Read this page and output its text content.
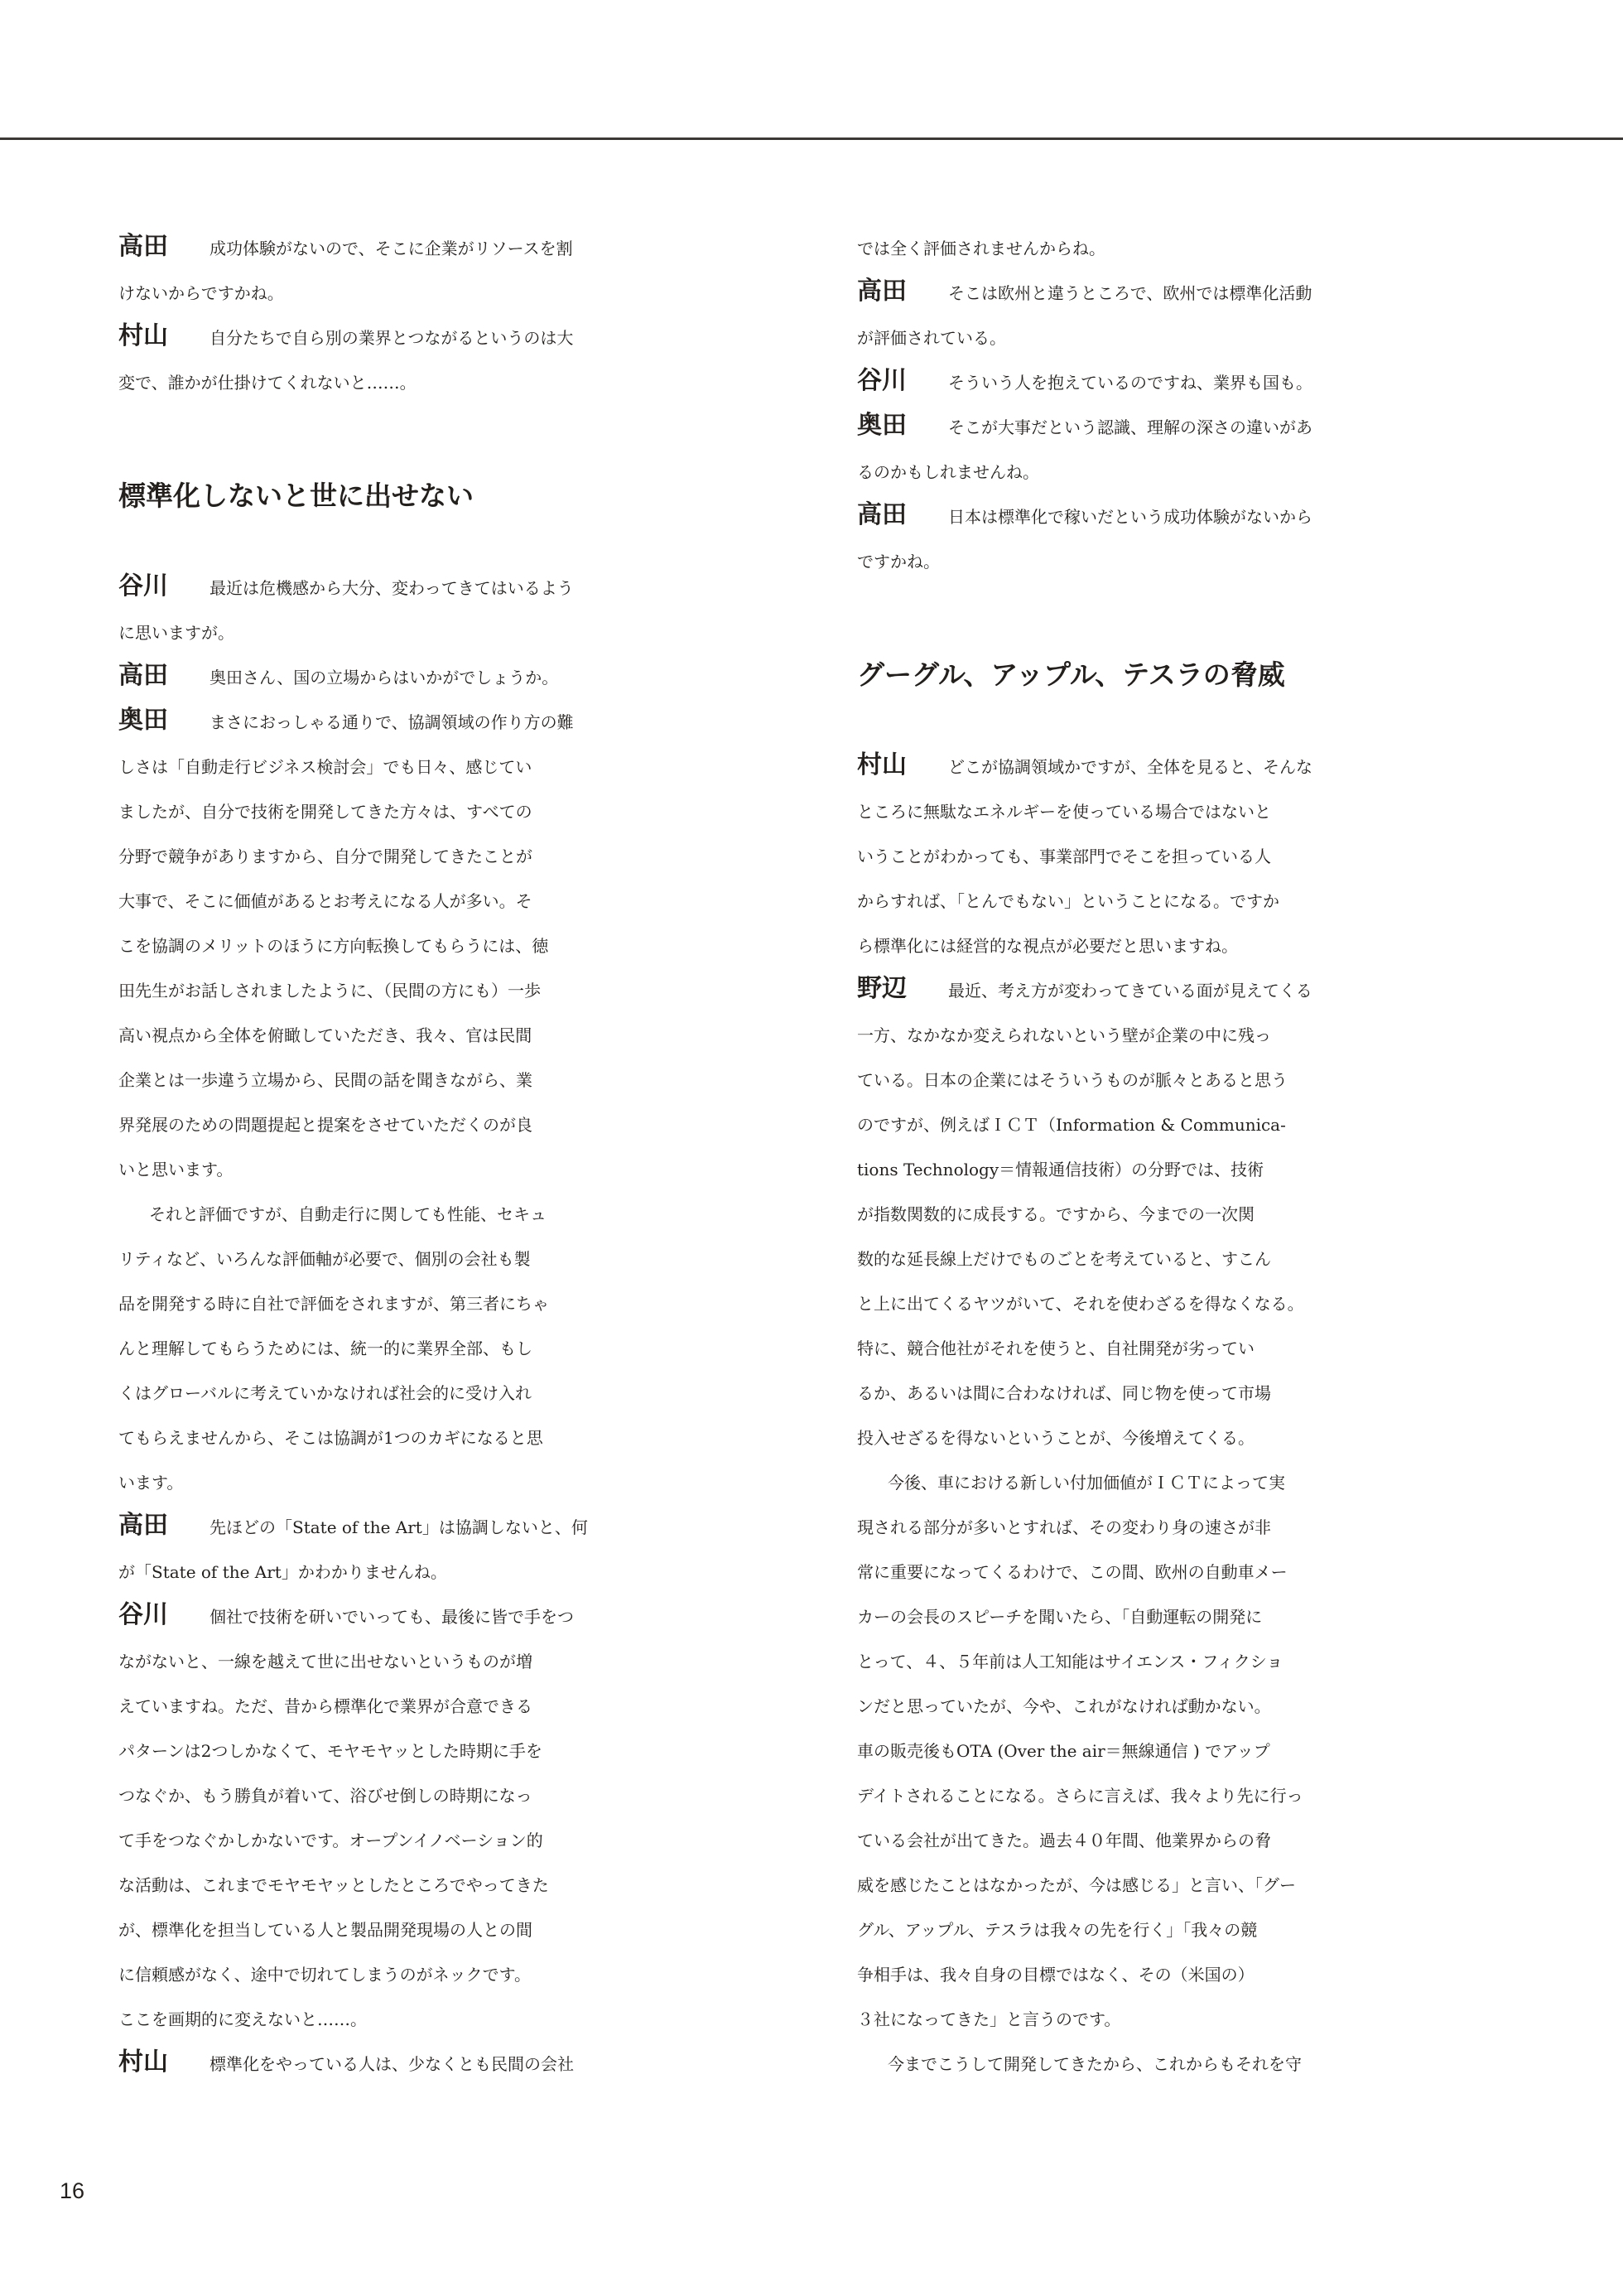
高田	成功体験がないので、そこに企業がリソースを割
けないからですかね。
村山	自分たちで自ら別の業界とつながるというのは大
変で、誰かが仕掛けてくれないと……。
標準化しないと世に出せない
谷川	最近は危機感から大分、変わってきてはいるよう
に思いますが。
高田	奥田さん、国の立場からはいかがでしょうか。
奥田	まさにおっしゃる通りで、協調領域の作り方の難
しさは「自動走行ビジネス検討会」でも日々、感じてい
ましたが、自分で技術を開発してきた方々は、すべての
分野で競争がありますから、自分で開発してきたことが
大事で、そこに価値があるとお考えになる人が多い。そ
こを協調のメリットのほうに方向転換してもらうには、徳
田先生がお話しされましたように、（民間の方にも）一歩
高い視点から全体を俯瞰していただき、我々、官は民間
企業とは一歩違う立場から、民間の話を聞きながら、業
界発展のための問題提起と提案をさせていただくのが良
いと思います。
それと評価ですが、自動走行に関しても性能、セキュ
リティなど、いろんな評価軸が必要で、個別の会社も製
品を開発する時に自社で評価をされますが、第三者にちゃ
んと理解してもらうためには、統一的に業界全部、もし
くはグローバルに考えていかなければ社会的に受け入れ
てもらえませんから、そこは協調が1つのカギになると思
います。
高田	先ほどの「State of the Art」は協調しないと、何
が「State of the Art」かわかりませんね。
谷川	個社で技術を研いでいっても、最後に皆で手をつ
ながないと、一線を越えて世に出せないというものが増
えていますね。ただ、昔から標準化で業界が合意できる
パターンは2つしかなくて、モヤモヤッとした時期に手を
つなぐか、もう勝負が着いて、浴びせ倒しの時期になっ
て手をつなぐかしかないです。オープンイノベーション的
な活動は、これまでモヤモヤッとしたところでやってきた
が、標準化を担当している人と製品開発現場の人との間
に信頼感がなく、途中で切れてしまうのがネックです。
ここを画期的に変えないと……。
村山	標準化をやっている人は、少なくとも民間の会社
では全く評価されませんからね。
高田	そこは欧州と違うところで、欧州では標準化活動
が評価されている。
谷川	そういう人を抱えているのですね、業界も国も。
奥田	そこが大事だという認識、理解の深さの違いがあ
るのかもしれませんね。
高田	日本は標準化で稼いだという成功体験がないから
ですかね。
グーグル、アップル、テスラの脅威
村山	どこが協調領域かですが、全体を見ると、そんな
ところに無駄なエネルギーを使っている場合ではないと
いうことがわかっても、事業部門でそこを担っている人
からすれば、「とんでもない」ということになる。ですか
ら標準化には経営的な視点が必要だと思いますね。
野辺	最近、考え方が変わってきている面が見えてくる
一方、なかなか変えられないという壁が企業の中に残っ
ている。日本の企業にはそういうものが脈々とあると思う
のですが、例えばＩＣＴ（Information & Communica-
tions Technology＝情報通信技術）の分野では、技術
が指数関数的に成長する。ですから、今までの一次関
数的な延長線上だけでものごとを考えていると、すこん
と上に出てくるヤツがいて、それを使わざるを得なくなる。
特に、競合他社がそれを使うと、自社開発が劣ってい
るか、あるいは間に合わなければ、同じ物を使って市場
投入せざるを得ないということが、今後増えてくる。
今後、車における新しい付加価値がＩＣＴによって実
現される部分が多いとすれば、その変わり身の速さが非
常に重要になってくるわけで、この間、欧州の自動車メー
カーの会長のスピーチを聞いたら、「自動運転の開発に
とって、４、５年前は人工知能はサイエンス・フィクショ
ンだと思っていたが、今や、これがなければ動かない。
車の販売後もOTA (Over the air＝無線通信 ) でアップ
デイトされることになる。さらに言えば、我々より先に行っ
ている会社が出てきた。過去４０年間、他業界からの脅
威を感じたことはなかったが、今は感じる」と言い、「グー
グル、アップル、テスラは我々の先を行く」「我々の競
争相手は、我々自身の目標ではなく、その（米国の）
３社になってきた」と言うのです。
今までこうして開発してきたから、これからもそれを守
16
